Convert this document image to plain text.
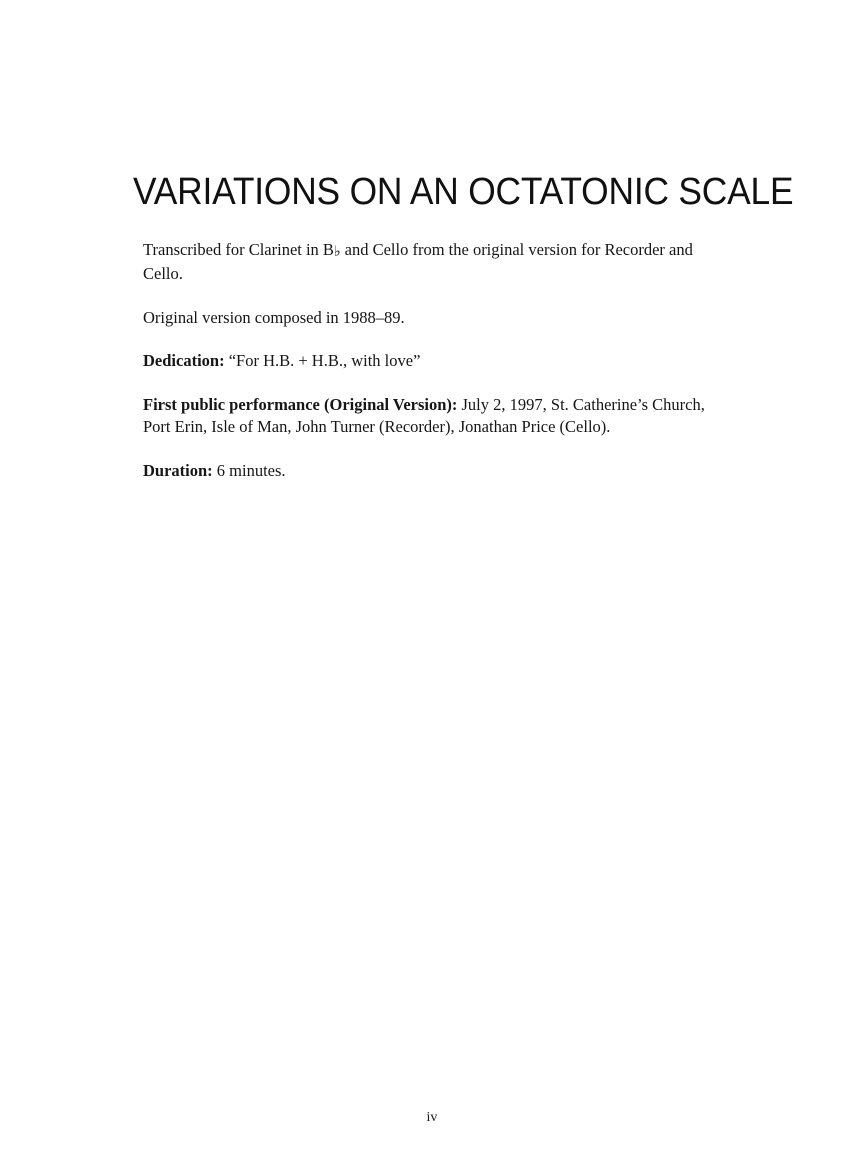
VARIATIONS ON AN OCTATONIC SCALE

Transcribed for Clarinet in B♭ and Cello from the original version for Recorder and Cello.

Original version composed in 1988–89.

Dedication: “For H.B. + H.B., with love”

First public performance (Original Version): July 2, 1997, St. Catherine’s Church, Port Erin, Isle of Man, John Turner (Recorder), Jonathan Price (Cello).

Duration: 6 minutes.

iv
